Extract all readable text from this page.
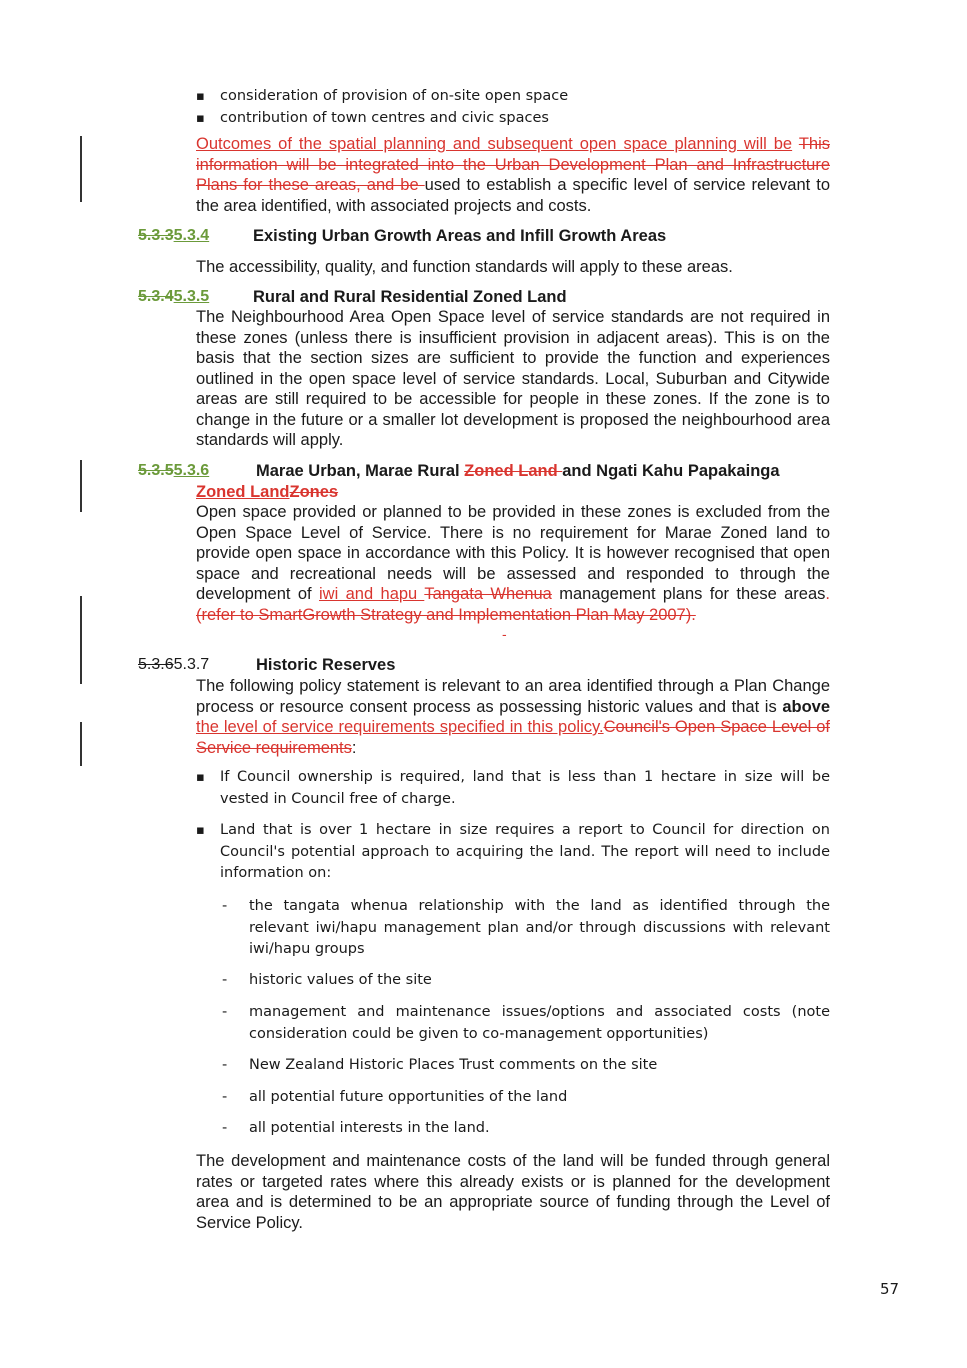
▪ consideration of provision of on-site open space
▪ contribution of town centres and civic spaces

Outcomes of the spatial planning and subsequent open space planning will be This information will be integrated into the Urban Development Plan and Infrastructure Plans for these areas, and be used to establish a specific level of service relevant to the area identified, with associated projects and costs.

5.3.35.3.4	Existing Urban Growth Areas and Infill Growth Areas

The accessibility, quality, and function standards will apply to these areas.

5.3.45.3.5	Rural and Rural Residential Zoned Land

The Neighbourhood Area Open Space level of service standards are not required in these zones (unless there is insufficient provision in adjacent areas). This is on the basis that the section sizes are sufficient to provide the function and experiences outlined in the open space level of service standards. Local, Suburban and Citywide areas are still required to be accessible for people in these zones. If the zone is to change in the future or a smaller lot development is proposed the neighbourhood area standards will apply.

5.3.55.3.6	Marae Urban, Marae Rural Zoned Land and Ngati Kahu Papakainga
Zoned LandZones

Open space provided or planned to be provided in these zones is excluded from the Open Space Level of Service. There is no requirement for Marae Zoned land to provide open space in accordance with this Policy. It is however recognised that open space and recreational needs will be assessed and responded to through the development of iwi and hapu Tangata Whenua management plans for these areas. (refer to SmartGrowth Strategy and Implementation Plan May 2007).

-
5.3.65.3.7	Historic Reserves

The following policy statement is relevant to an area identified through a Plan Change process or resource consent process as possessing historic values and that is above the level of service requirements specified in this policy.Council's Open Space Level of Service requirements:

▪ If Council ownership is required, land that is less than 1 hectare in size will be vested in Council free of charge.
▪ Land that is over 1 hectare in size requires a report to Council for direction on Council's potential approach to acquiring the land. The report will need to include information on:
- the tangata whenua relationship with the land as identified through the relevant iwi/hapu management plan and/or through discussions with relevant iwi/hapu groups
- historic values of the site
- management and maintenance issues/options and associated costs (note consideration could be given to co-management opportunities)
- New Zealand Historic Places Trust comments on the site
- all potential future opportunities of the land
- all potential interests in the land.

The development and maintenance costs of the land will be funded through general rates or targeted rates where this already exists or is planned for the development area and is determined to be an appropriate source of funding through the Level of Service Policy.

57
